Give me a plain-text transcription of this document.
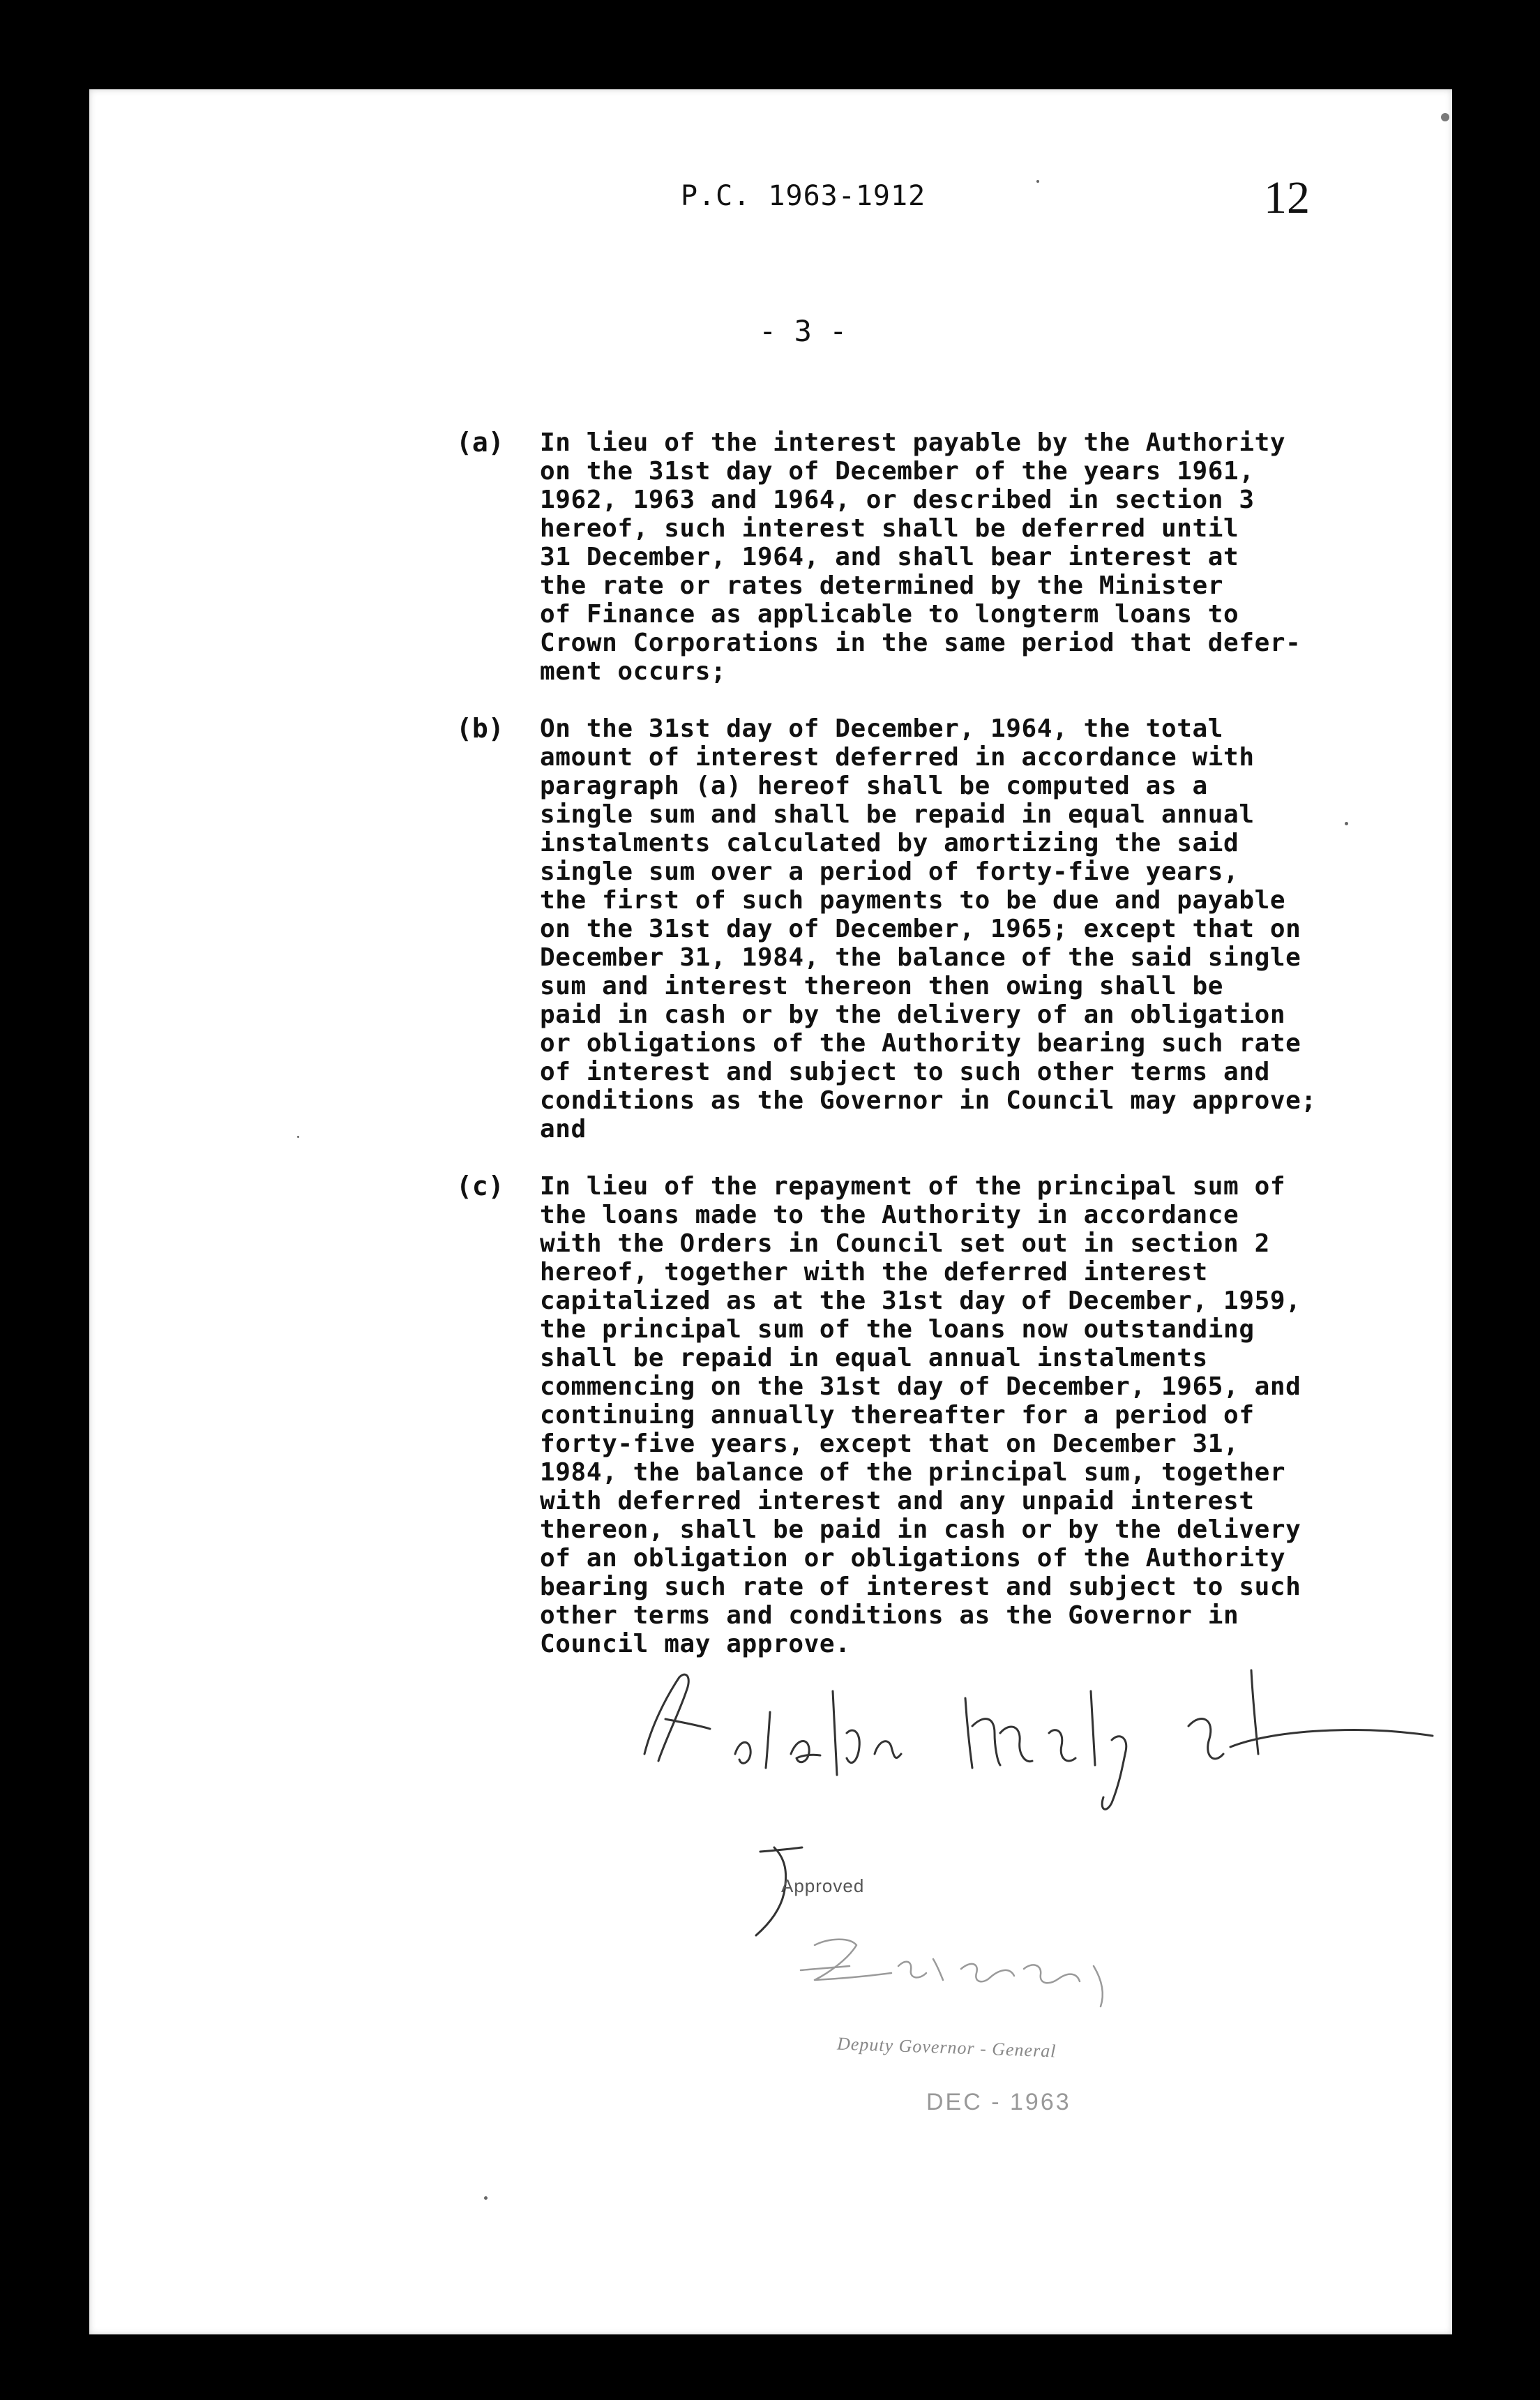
P.C. 1963-1912	12
- 3 -
(a) In lieu of the interest payable by the Authority
on the 31st day of December of the years 1961,
1962, 1963 and 1964, or described in section 3
hereof, such interest shall be deferred until
31 December, 1964, and shall bear interest at
the rate or rates determined by the Minister
of Finance as applicable to longterm loans to
Crown Corporations in the same period that defer-
ment occurs;

(b) On the 31st day of December, 1964, the total
amount of interest deferred in accordance with
paragraph (a) hereof shall be computed as a
single sum and shall be repaid in equal annual
instalments calculated by amortizing the said
single sum over a period of forty-five years,
the first of such payments to be due and payable
on the 31st day of December, 1965; except that on
December 31, 1984, the balance of the said single
sum and interest thereon then owing shall be
paid in cash or by the delivery of an obligation
or obligations of the Authority bearing such rate
of interest and subject to such other terms and
conditions as the Governor in Council may approve;
and

(c) In lieu of the repayment of the principal sum of
the loans made to the Authority in accordance
with the Orders in Council set out in section 2
hereof, together with the deferred interest
capitalized as at the 31st day of December, 1959,
the principal sum of the loans now outstanding
shall be repaid in equal annual instalments
commencing on the 31st day of December, 1965, and
continuing annually thereafter for a period of
forty-five years, except that on December 31,
1984, the balance of the principal sum, together
with deferred interest and any unpaid interest
thereon, shall be paid in cash or by the delivery
of an obligation or obligations of the Authority
bearing such rate of interest and subject to such
other terms and conditions as the Governor in
Council may approve.

Approved
Deputy Governor - General
DEC - 1963
